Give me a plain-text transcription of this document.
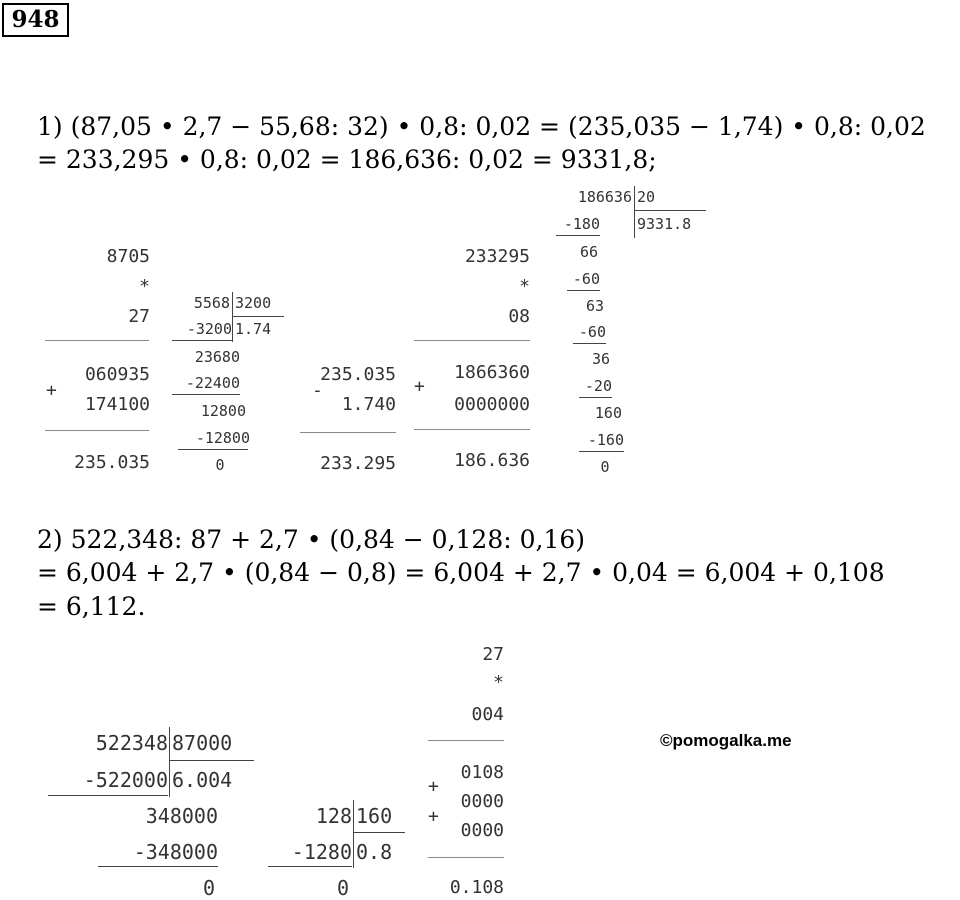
948
1) (87,05 • 2,7 − 55,68: 32) • 0,8: 0,02 = (235,035 − 1,74) • 0,8: 0,02
= 233,295 • 0,8: 0,02 = 186,636: 0,02 = 9331,8;
8705
*
27
060935
+
174100
235.035
5568 3200
1.74
-3200
23680
-22400
12800
-12800
0
235.035
-
1.740
233.295
233295
*
08
+
1866360
0000000
186.636
186636 20
9331.8
-180
66
-60
63
-60
36
-20
160
-160
0
2) 522,348: 87 + 2,7 • (0,84 − 0,128: 0,16)
= 6,004 + 2,7 • (0,84 − 0,8) = 6,004 + 2,7 • 0,04 = 6,004 + 0,108
= 6,112.
522348 87000
6.004
-522000
348000
-348000
0
128 160
0.8
-1280
0
27
*
004
0108
+
0000
+
0000
0.108
©pomogalka.me
